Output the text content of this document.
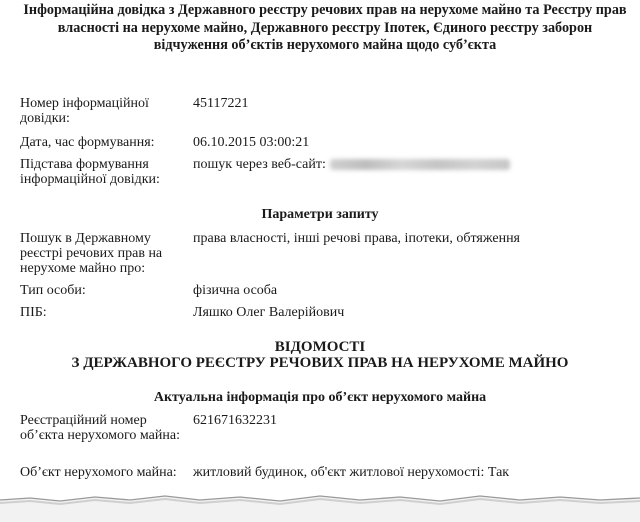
Інформаційна довідка з Державного реєстру речових прав на нерухоме майно та Реєстру прав власності на нерухоме майно, Державного реєстру Іпотек, Єдиного реєстру заборон відчуження об’єктів нерухомого майна щодо суб’єкта
Номер інформаційної довідки:
45117221
Дата, час формування:	06.10.2015 03:00:21
Підстава формування інформаційної довідки:
пошук через веб-сайт:
Параметри запиту
Пошук в Державному реєстрі речових прав на нерухоме майно про:
права власності, інші речові права, іпотеки, обтяження
Тип особи:	фізична особа
ПІБ:	Ляшко Олег Валерійович
ВІДОМОСТІ
З ДЕРЖАВНОГО РЕЄСТРУ РЕЧОВИХ ПРАВ НА НЕРУХОМЕ МАЙНО
Актуальна інформація про об’єкт нерухомого майна
Реєстраційний номер об’єкта нерухомого майна:
621671632231
Об’єкт нерухомого майна:	житловий будинок, об'єкт житлової нерухомості: Так
